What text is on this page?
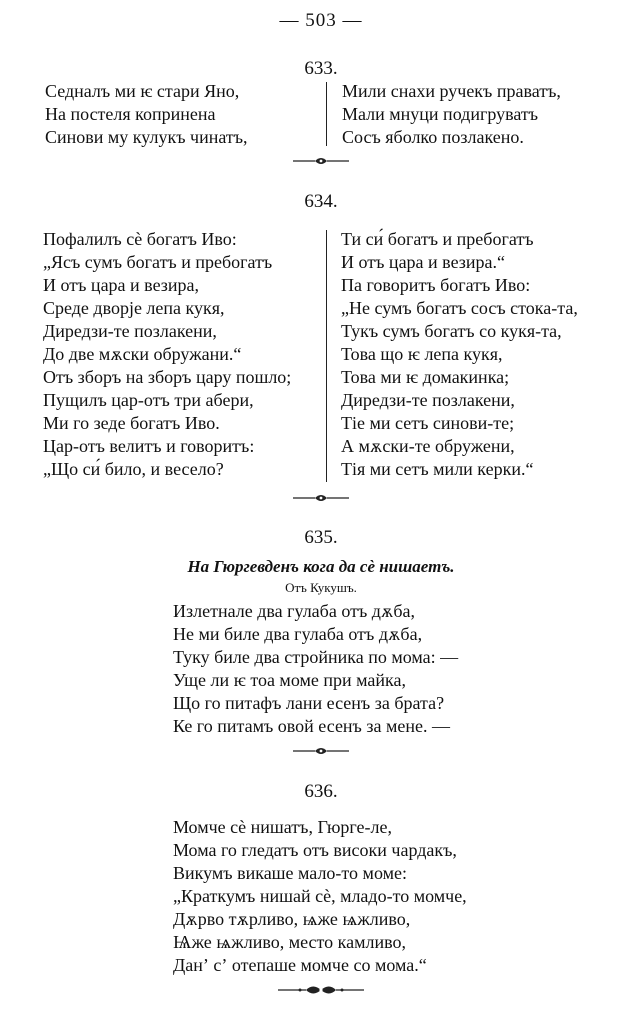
— 503 —
633.
Седналъ ми ѥ стари Яно,
На постеля копринена
Синови му кулукъ чинатъ,
Мили снахи ручекъ праватъ,
Мали мнуци подигруватъ
Сосъ яболко позлакено.
634.
Пофалилъ сѐ богатъ Иво:
„Ясъ сумъ богатъ и пребогатъ
И отъ цара и везира,
Среде дворје лепа кукя,
Диредзи-те позлакени,
До две мѫски обружани.“
Отъ зборъ на зборъ цару пошло;
Пущилъ цар-отъ три абери,
Ми го зеде богатъ Иво.
Цар-отъ велитъ и говоритъ:
„Що си́ било, и весело?
Ти си́ богатъ и пребогатъ
И отъ цара и везира.“
Па говоритъ богатъ Иво:
„Не сумъ богатъ сосъ стока-та,
Тукъ сумъ богатъ со кукя-та,
Това що ѥ лепа кукя,
Това ми ѥ домакинка;
Диредзи-те позлакени,
Тіе ми сетъ синови-те;
А мѫски-те обружени,
Тія ми сетъ мили керки.“
635.
На Гюргевденъ кога да сѐ нишаетъ.
Отъ Кукушъ.
Излетнале два гулаба отъ дѫба,
Не ми биле два гулаба отъ дѫба,
Туку биле два стройника по мома: —
Уще ли ѥ тоа моме при майка,
Що го питафъ лани есенъ за брата?
Ке го питамъ овой есенъ за мене. —
636.
Момче сѐ нишатъ, Гюрге-ле,
Мома го гледатъ отъ високи чардакъ,
Викумъ викаше мало-то моме:
„Краткумъ нишай сѐ, младо-то момче,
Дѫрво тѫрливо, ѩже ѩжливо,
Ѩже ѩжливо, место камливо,
Данʼ сʼ отепаше момче со мома.“
